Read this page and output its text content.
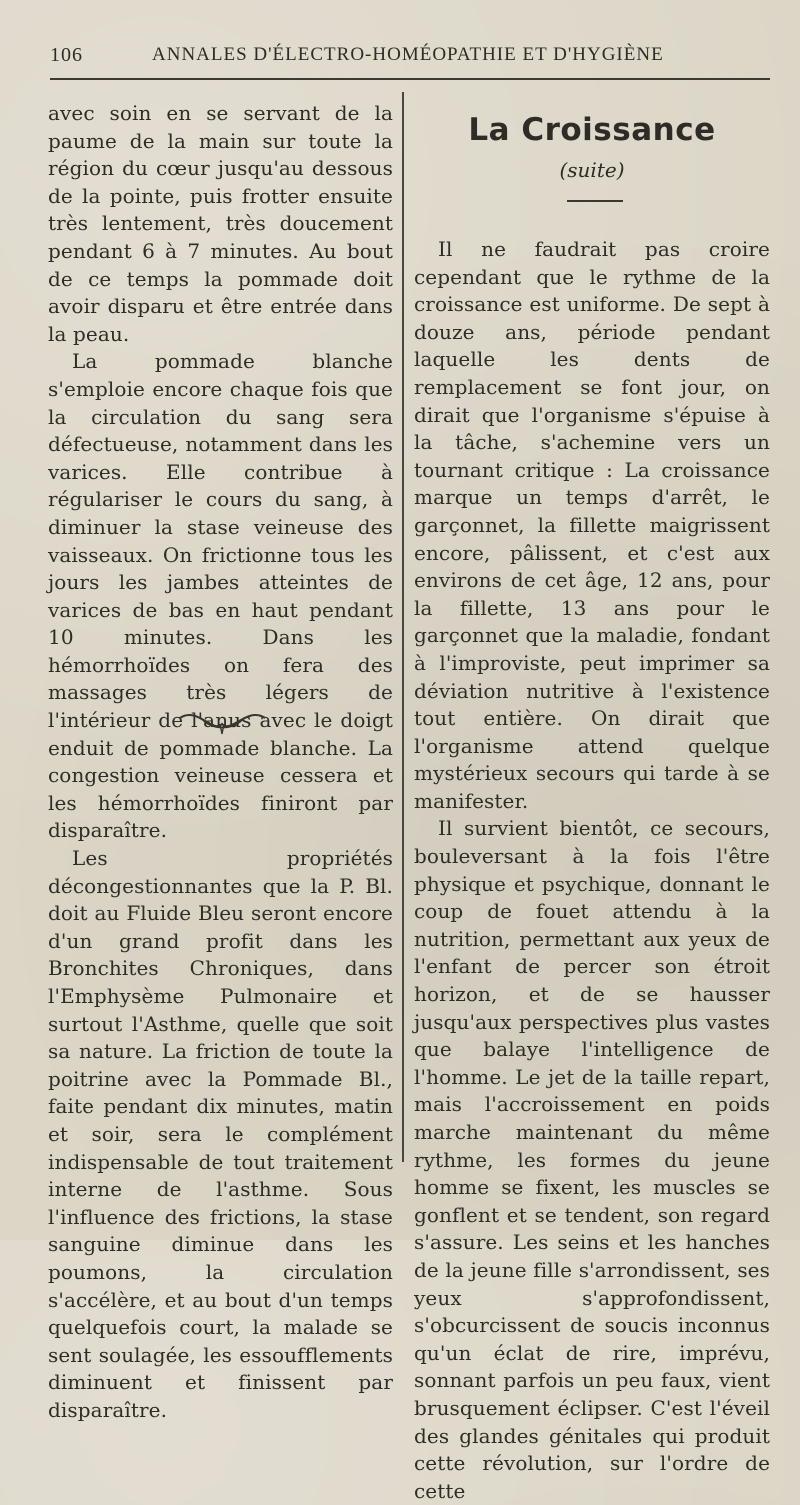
106	ANNALES D'ÉLECTRO-HOMÉOPATHIE ET D'HYGIÈNE

avec soin en se servant de la paume de la main sur toute la région du cœur jusqu'au dessous de la pointe, puis frotter ensuite très lentement, très doucement pendant 6 à 7 minutes. Au bout de ce temps la pommade doit avoir disparu et être entrée dans la peau.

La pommade blanche s'emploie encore chaque fois que la circulation du sang sera défectueuse, notamment dans les varices. Elle contribue à régulariser le cours du sang, à diminuer la stase veineuse des vaisseaux. On frictionne tous les jours les jambes atteintes de varices de bas en haut pendant 10 minutes. Dans les hémorrhoïdes on fera des massages très légers de l'intérieur de l'anus avec le doigt enduit de pommade blanche. La congestion veineuse cessera et les hémorrhoïdes finiront par disparaître.

Les propriétés décongestionnantes que la P. Bl. doit au Fluide Bleu seront encore d'un grand profit dans les Bronchites Chroniques, dans l'Emphysème Pulmonaire et surtout l'Asthme, quelle que soit sa nature. La friction de toute la poitrine avec la Pommade Bl., faite pendant dix minutes, matin et soir, sera le complément indispensable de tout traitement interne de l'asthme. Sous l'influence des frictions, la stase sanguine diminue dans les poumons, la circulation s'accélère, et au bout d'un temps quelquefois court, la malade se sent soulagée, les essoufflements diminuent et finissent par disparaître.

La Croissance
(suite)

Il ne faudrait pas croire cependant que le rythme de la croissance est uniforme. De sept à douze ans, période pendant laquelle les dents de remplacement se font jour, on dirait que l'organisme s'épuise à la tâche, s'achemine vers un tournant critique : La croissance marque un temps d'arrêt, le garçonnet, la fillette maigrissent encore, pâlissent, et c'est aux environs de cet âge, 12 ans, pour la fillette, 13 ans pour le garçonnet que la maladie, fondant à l'improviste, peut imprimer sa déviation nutritive à l'existence tout entière. On dirait que l'organisme attend quelque mystérieux secours qui tarde à se manifester.

Il survient bientôt, ce secours, bouleversant à la fois l'être physique et psychique, donnant le coup de fouet attendu à la nutrition, permettant aux yeux de l'enfant de percer son étroit horizon, et de se hausser jusqu'aux perspectives plus vastes que balaye l'intelligence de l'homme. Le jet de la taille repart, mais l'accroissement en poids marche maintenant du même rythme, les formes du jeune homme se fixent, les muscles se gonflent et se tendent, son regard s'assure. Les seins et les hanches de la jeune fille s'arrondissent, ses yeux s'approfondissent, s'obcurcissent de soucis inconnus qu'un éclat de rire, imprévu, sonnant parfois un peu faux, vient brusquement éclipser. C'est l'éveil des glandes génitales qui produit cette révolution, sur l'ordre de cette
